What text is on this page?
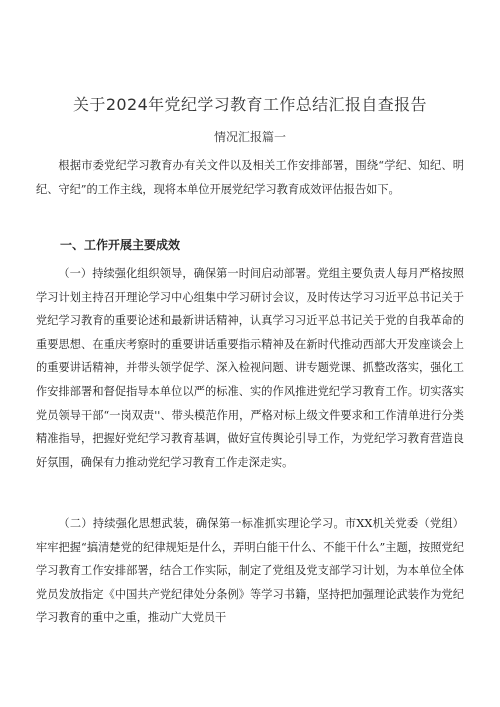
关于2024年党纪学习教育工作总结汇报自查报告

情况汇报篇一

根据市委党纪学习教育办有关文件以及相关工作安排部署，围绕“学纪、知纪、明纪、守纪”的工作主线，现将本单位开展党纪学习教育成效评估报告如下。

一、工作开展主要成效

（一）持续强化组织领导，确保第一时间启动部署。党组主要负责人每月严格按照学习计划主持召开理论学习中心组集中学习研讨会议，及时传达学习习近平总书记关于党纪学习教育的重要论述和最新讲话精神，认真学习习近平总书记关于党的自我革命的重要思想、在重庆考察时的重要讲话重要指示精神及在新时代推动西部大开发座谈会上的重要讲话精神，并带头领学促学、深入检视问题、讲专题党课、抓整改落实，强化工作安排部署和督促指导本单位以严的标准、实的作风推进党纪学习教育工作。切实落实党员领导干部“一岗双责''、带头模范作用，严格对标上级文件要求和工作清单进行分类精准指导，把握好党纪学习教育基调，做好宣传舆论引导工作，为党纪学习教育营造良好氛围，确保有力推动党纪学习教育工作走深走实。

（二）持续强化思想武装，确保第一标准抓实理论学习。市XX机关党委（党组）牢牢把握“搞清楚党的纪律规矩是什么，弄明白能干什么、不能干什么”主题，按照党纪学习教育工作安排部署，结合工作实际，制定了党组及党支部学习计划，为本单位全体党员发放指定《中国共产党纪律处分条例》等学习书籍，坚持把加强理论武装作为党纪学习教育的重中之重，推动广大党员干
